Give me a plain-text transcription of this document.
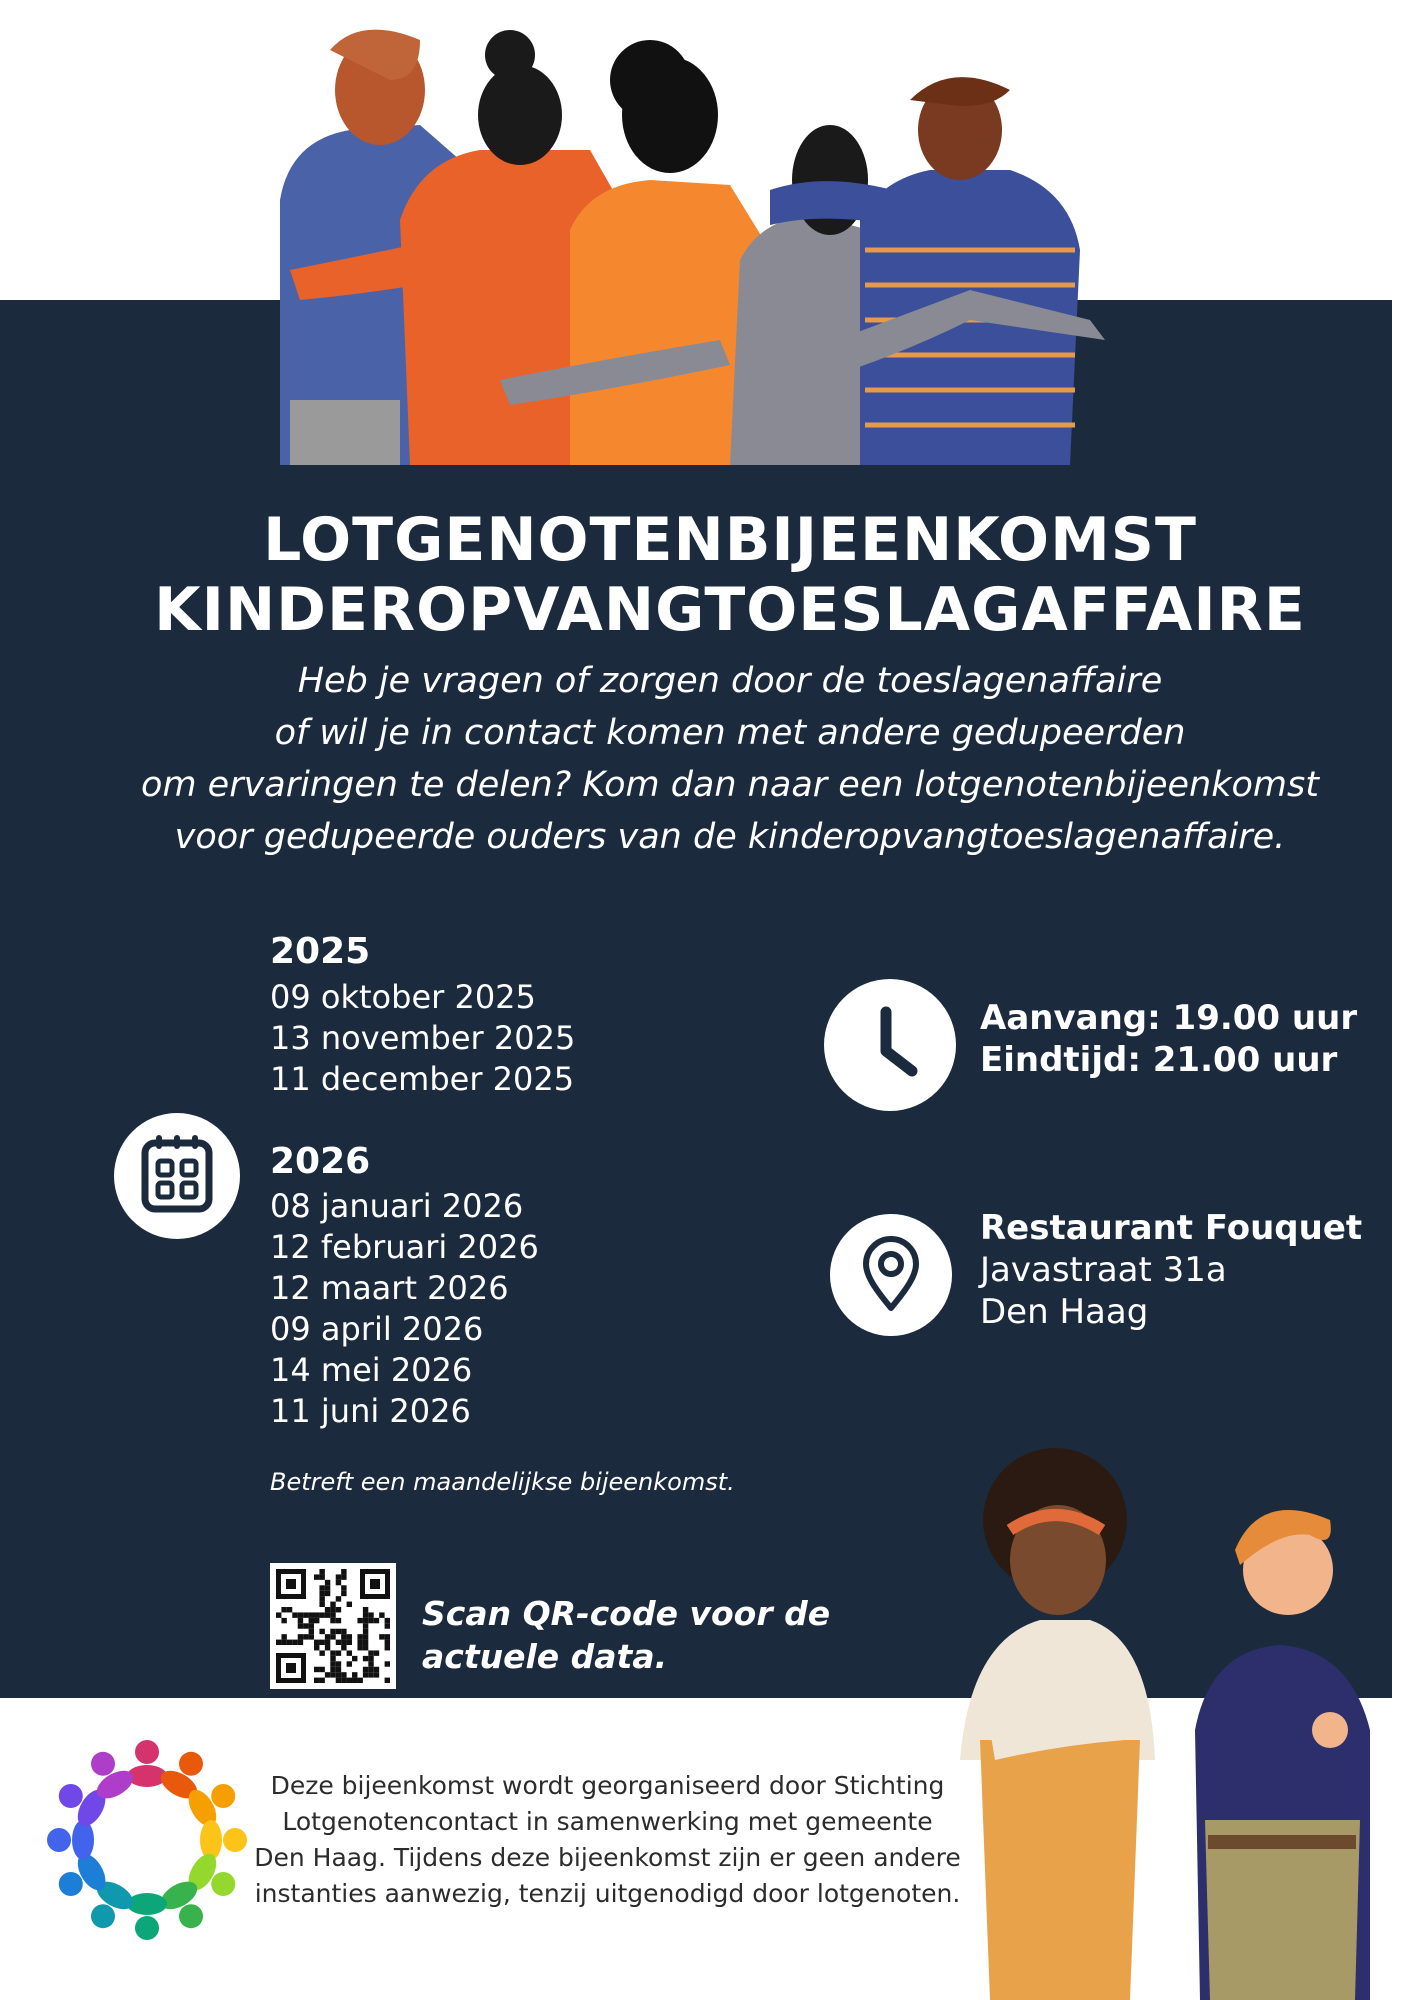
LOTGENOTENBIJEENKOMST
KINDEROPVANGTOESLAGAFFAIRE
Heb je vragen of zorgen door de toeslagenaffaire
of wil je in contact komen met andere gedupeerden
om ervaringen te delen? Kom dan naar een lotgenotenbijeenkomst
voor gedupeerde ouders van de kinderopvangtoeslagenaffaire.
2025
09 oktober 2025
13 november 2025
11 december 2025
2026
08 januari 2026
12 februari 2026
12 maart 2026
09 april 2026
14 mei 2026
11 juni 2026
Betreft een maandelijkse bijeenkomst.
Aanvang: 19.00 uur
Eindtijd: 21.00 uur
Restaurant Fouquet
Javastraat 31a
Den Haag
Scan QR-code voor de
actuele data.
Deze bijeenkomst wordt georganiseerd door Stichting
Lotgenotencontact in samenwerking met gemeente
Den Haag. Tijdens deze bijeenkomst zijn er geen andere
instanties aanwezig, tenzij uitgenodigd door lotgenoten.
